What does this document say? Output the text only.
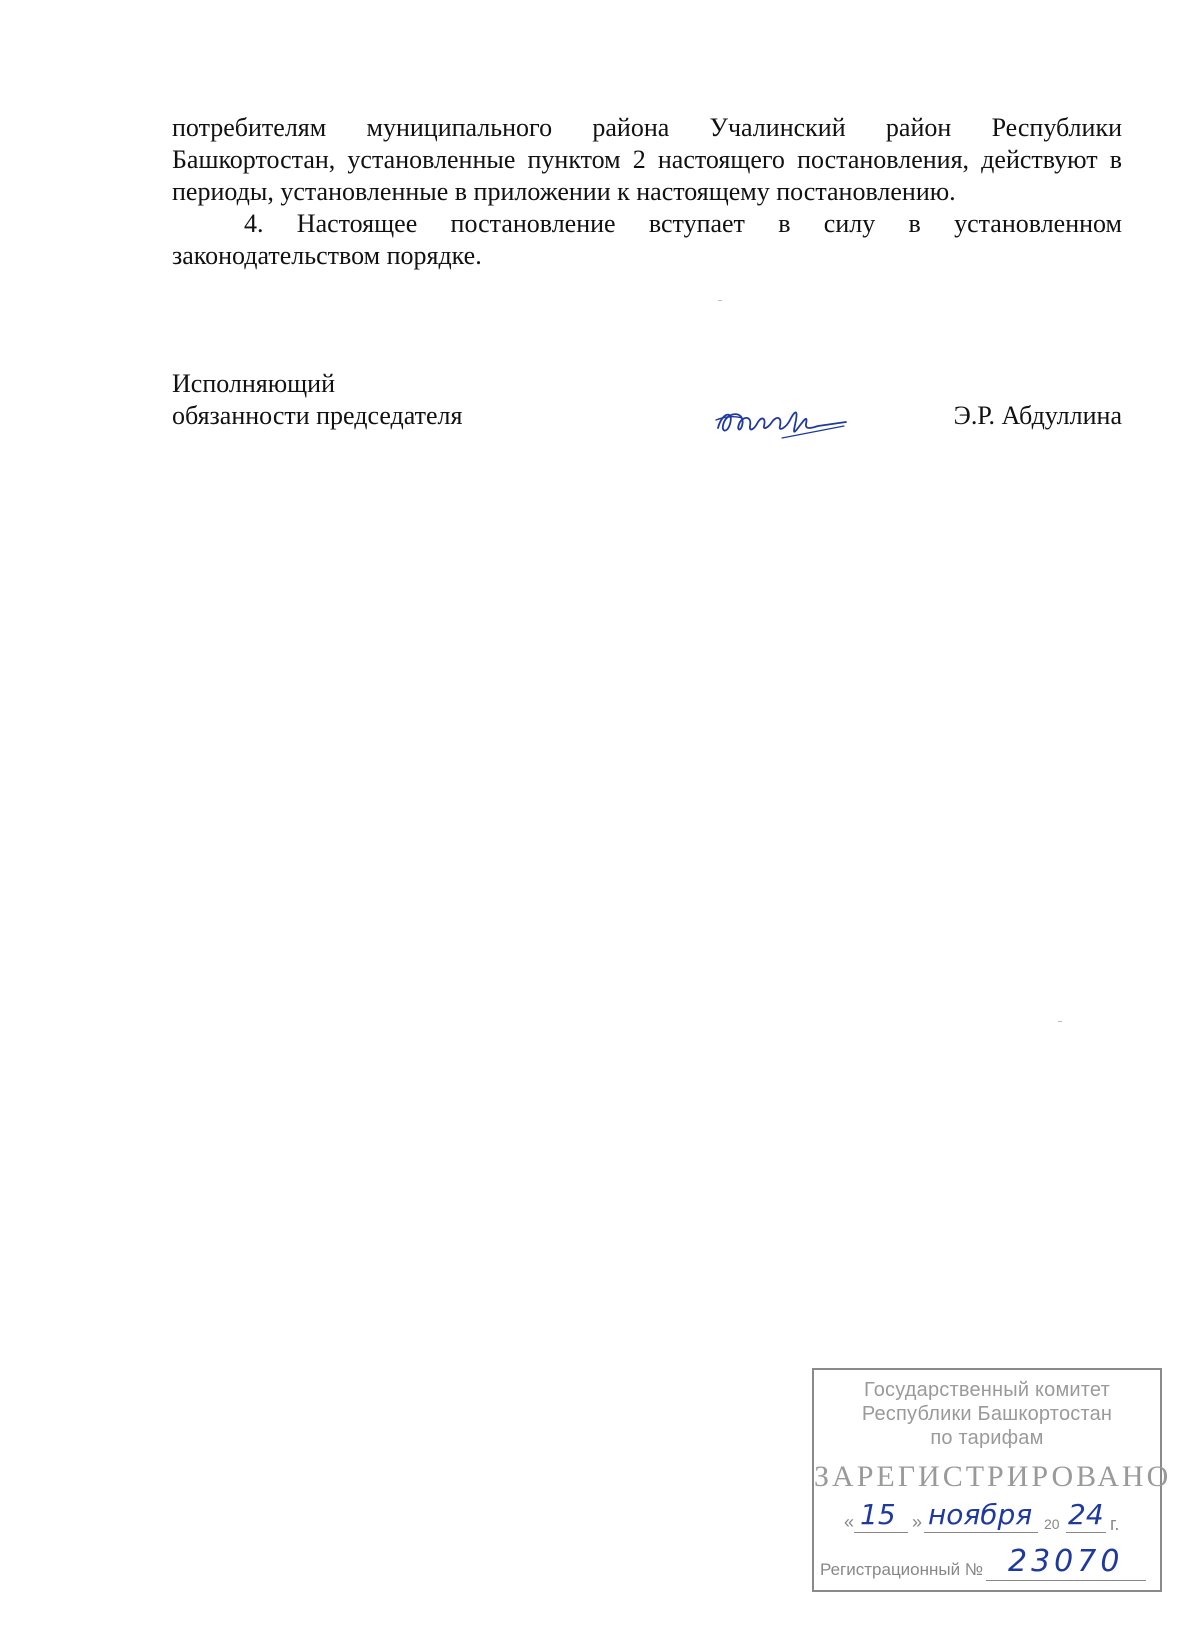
потребителям муниципального района Учалинский район Республики Башкортостан, установленные пунктом 2 настоящего постановления, действуют в периоды, установленные в приложении к настоящему постановлению.

4. Настоящее постановление вступает в силу в установленном законодательством порядке.

Исполняющий
обязанности председателя	Э.Р. Абдуллина
Государственный комитет
Республики Башкортостан
по тарифам
ЗАРЕГИСТРИРОВАНО
« 15 » ноября 20 24 г.
Регистрационный № 23070
